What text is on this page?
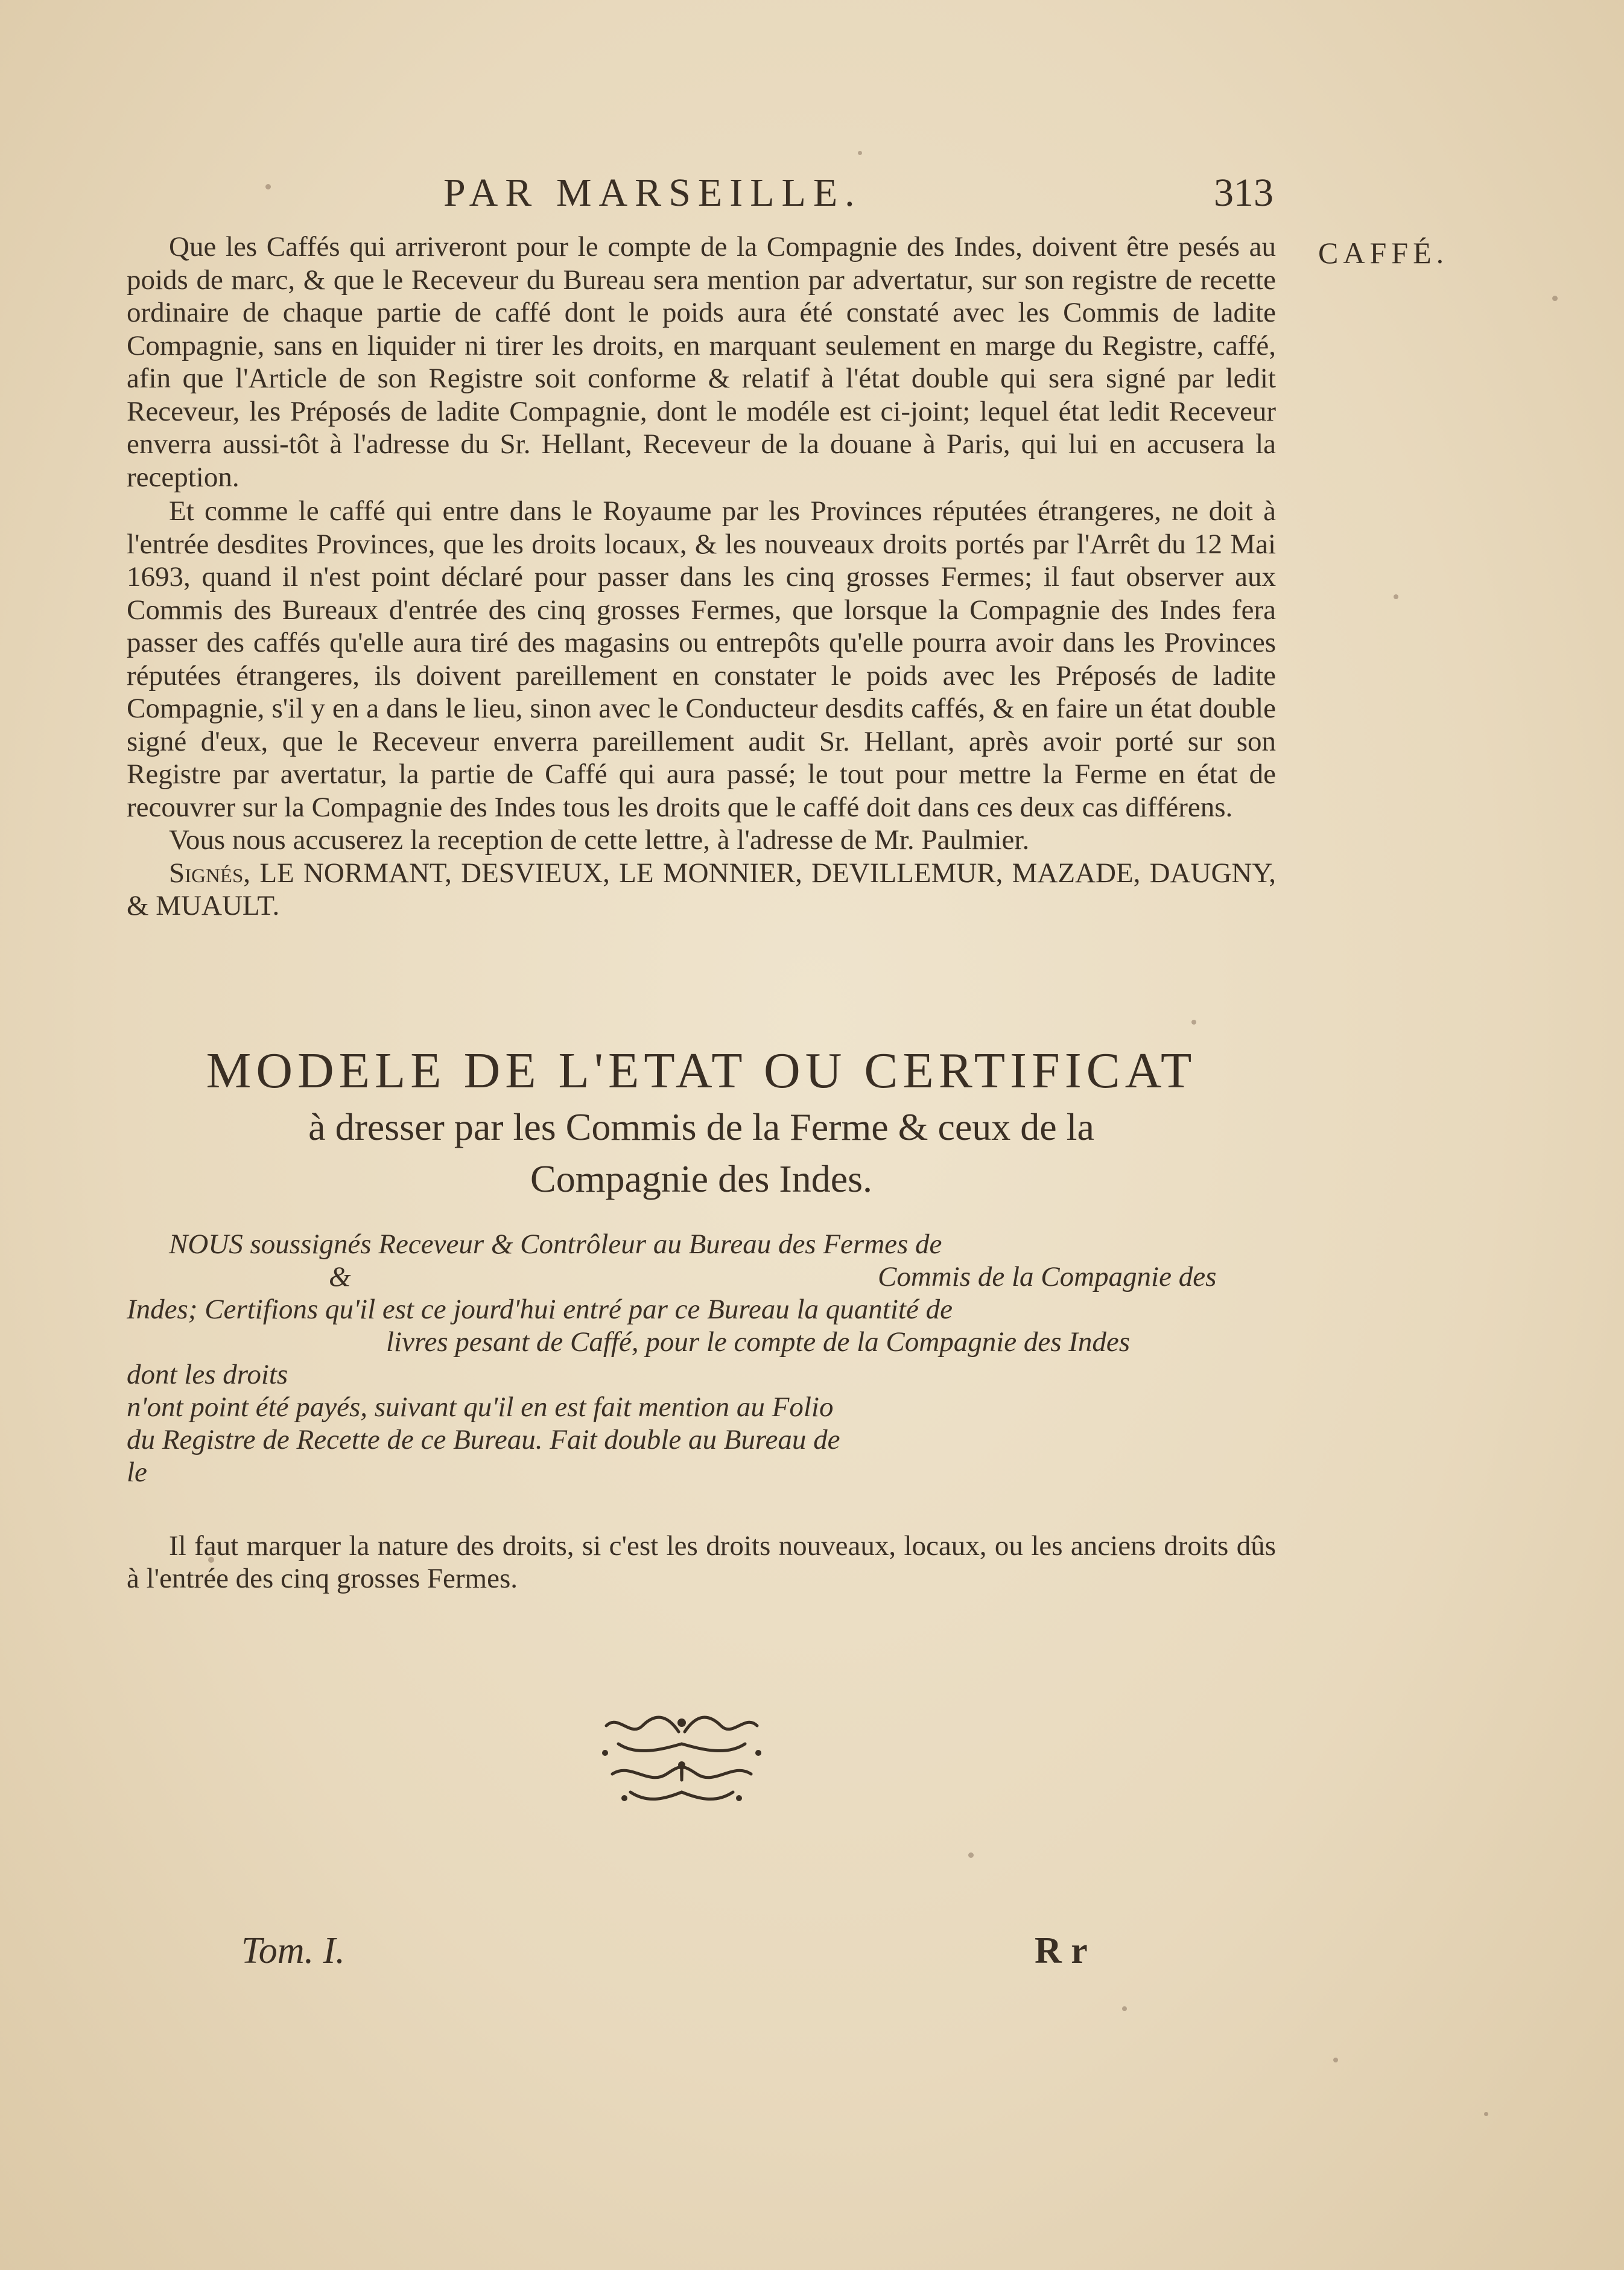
PAR MARSEILLE.	313
CAFFÉ.

Que les Caffés qui arriveront pour le compte de la Compagnie des Indes, doivent être pesés au poids de marc, & que le Receveur du Bureau sera mention par advertatur, sur son registre de recette ordinaire de chaque partie de caffé dont le poids aura été constaté avec les Commis de ladite Compagnie, sans en liquider ni tirer les droits, en marquant seulement en marge du Registre, caffé, afin que l'Article de son Registre soit conforme & relatif à l'état double qui sera signé par ledit Receveur, les Préposés de ladite Compagnie, dont le modéle est ci-joint; lequel état ledit Receveur enverra aussi-tôt à l'adresse du Sr. Hellant, Receveur de la douane à Paris, qui lui en accusera la reception.

Et comme le caffé qui entre dans le Royaume par les Provinces réputées étrangeres, ne doit à l'entrée desdites Provinces, que les droits locaux, & les nouveaux droits portés par l'Arrêt du 12 Mai 1693, quand il n'est point déclaré pour passer dans les cinq grosses Fermes; il faut observer aux Commis des Bureaux d'entrée des cinq grosses Fermes, que lorsque la Compagnie des Indes fera passer des caffés qu'elle aura tiré des magasins ou entrepôts qu'elle pourra avoir dans les Provinces réputées étrangeres, ils doivent pareillement en constater le poids avec les Préposés de ladite Compagnie, s'il y en a dans le lieu, sinon avec le Conducteur desdits caffés, & en faire un état double signé d'eux, que le Receveur enverra pareillement audit Sr. Hellant, après avoir porté sur son Registre par avertatur, la partie de Caffé qui aura passé; le tout pour mettre la Ferme en état de recouvrer sur la Compagnie des Indes tous les droits que le caffé doit dans ces deux cas différens.

Vous nous accuserez la reception de cette lettre, à l'adresse de Mr. Paulmier.

Signés, LE NORMANT, DESVIEUX, LE MONNIER, DEVILLEMUR, MAZADE, DAUGNY, & MUAULT.

MODELE DE L'ETAT OU CERTIFICAT
à dresser par les Commis de la Ferme & ceux de la
Compagnie des Indes.
NOUS soussignés Receveur & Contrôleur au Bureau des Fermes de
&	Commis de la Compagnie des
Indes; Certifions qu'il est ce jourd'hui entré par ce Bureau la quantité de
livres pesant de Caffé, pour le compte de la Compagnie des Indes
dont les droits
n'ont point été payés, suivant qu'il en est fait mention au Folio
du Registre de Recette de ce Bureau. Fait double au Bureau de
le
Il faut marquer la nature des droits, si c'est les droits nouveaux, locaux, ou les anciens droits dûs à l'entrée des cinq grosses Fermes.
Tom. I.	R r
